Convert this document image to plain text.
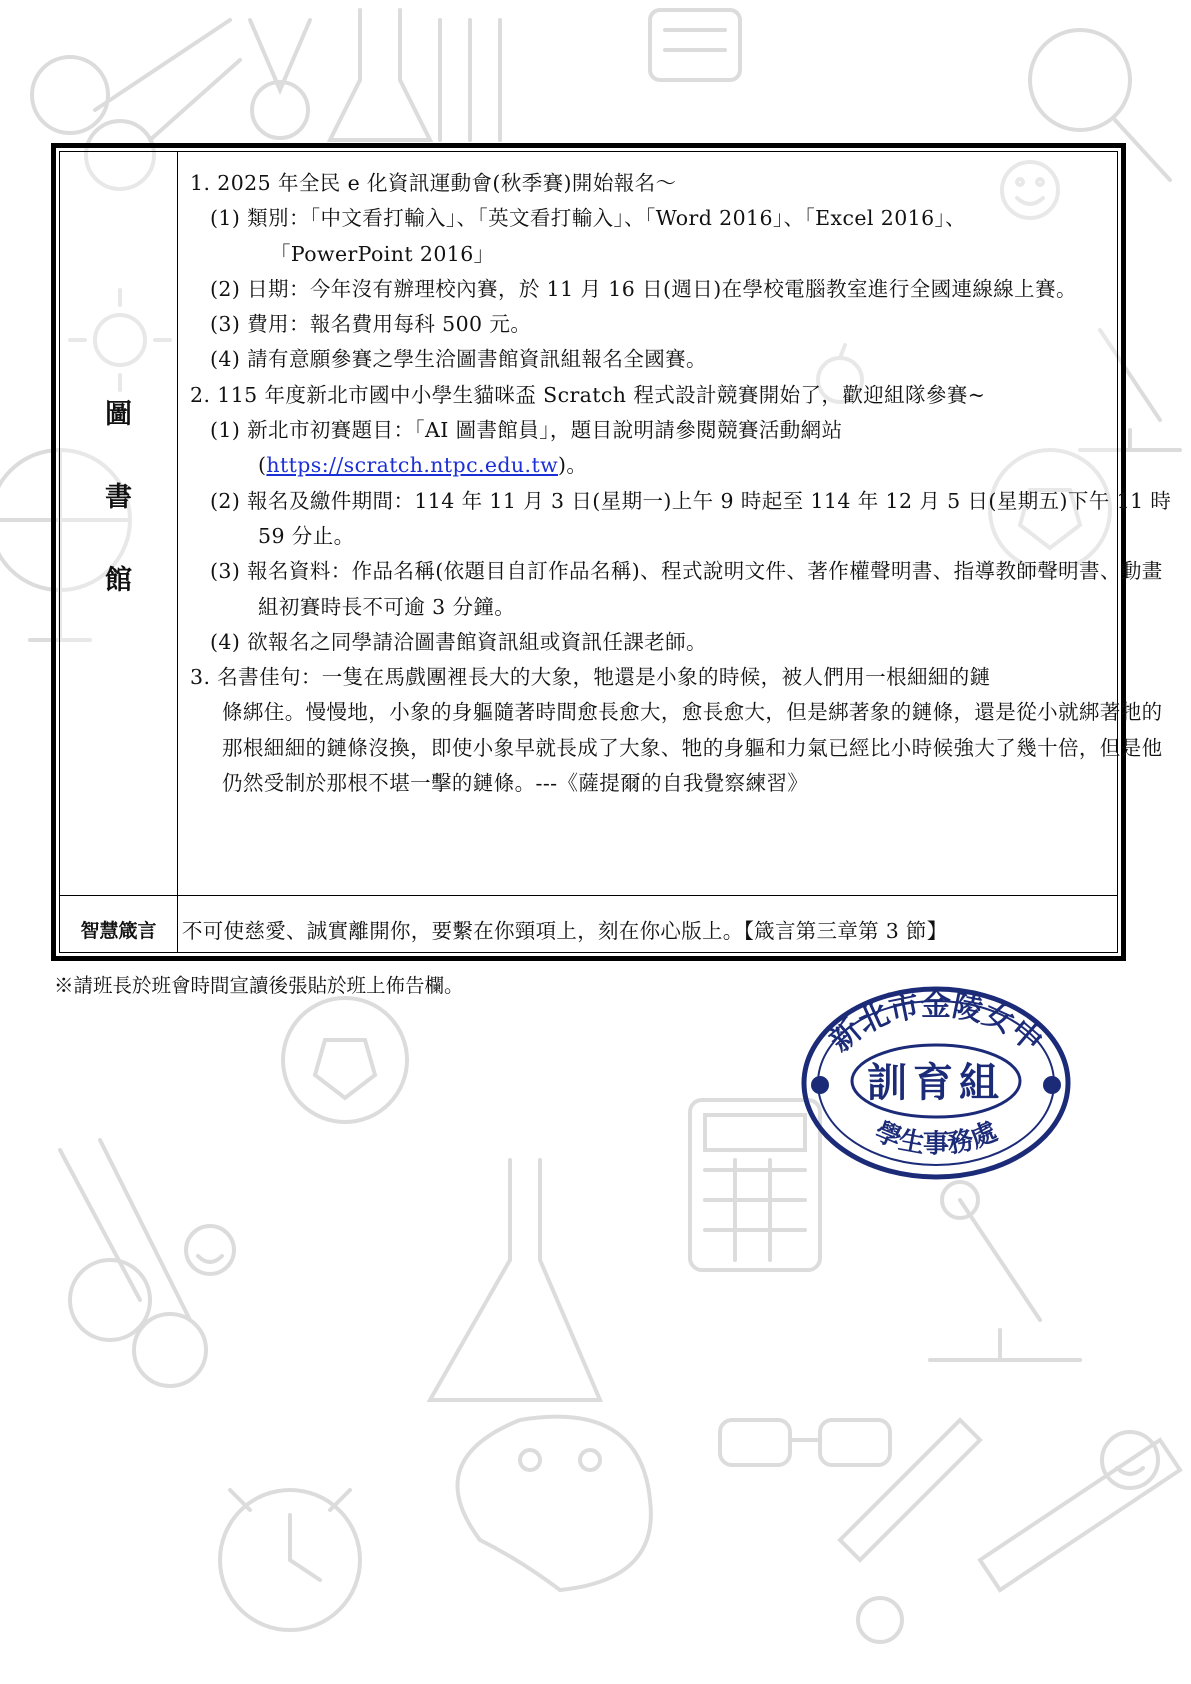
圖
書
館

1. 2025 年全民 e 化資訊運動會(秋季賽)開始報名～

(1) 類別：「中文看打輸入」、「英文看打輸入」、「Word 2016」、「Excel 2016」、

「PowerPoint 2016」

(2) 日期：今年沒有辦理校內賽，於 11 月 16 日(週日)在學校電腦教室進行全國連線線上賽。

(3) 費用：報名費用每科 500 元。

(4) 請有意願參賽之學生洽圖書館資訊組報名全國賽。

2. 115 年度新北市國中小學生貓咪盃 Scratch 程式設計競賽開始了，歡迎組隊參賽~

(1) 新北市初賽題目：「AI 圖書館員」，題目說明請參閱競賽活動網站

(https://scratch.ntpc.edu.tw)。

(2) 報名及繳件期間：114 年 11 月 3 日(星期一)上午 9 時起至 114 年 12 月 5 日(星期五)下午 11 時 59 分止。

(3) 報名資料：作品名稱(依題目自訂作品名稱)、程式說明文件、著作權聲明書、指導教師聲明書、動畫組初賽時長不可逾 3 分鐘。

(4) 欲報名之同學請洽圖書館資訊組或資訊任課老師。

3. 名書佳句：一隻在馬戲團裡長大的大象，牠還是小象的時候，被人們用一根細細的鏈

條綁住。慢慢地，小象的身軀隨著時間愈長愈大，愈長愈大，但是綁著象的鏈條，還是從小就綁著牠的那根細細的鏈條沒換，即使小象早就長成了大象、牠的身軀和力氣已經比小時候強大了幾十倍，但是他仍然受制於那根不堪一擊的鏈條。---《薩提爾的自我覺察練習》

智慧箴言	不可使慈愛、誠實離開你，要繫在你頸項上，刻在你心版上。【箴言第三章第 3 節】
※請班長於班會時間宣讀後張貼於班上佈告欄。
新北市金陵女中
學生事務處
訓育組
